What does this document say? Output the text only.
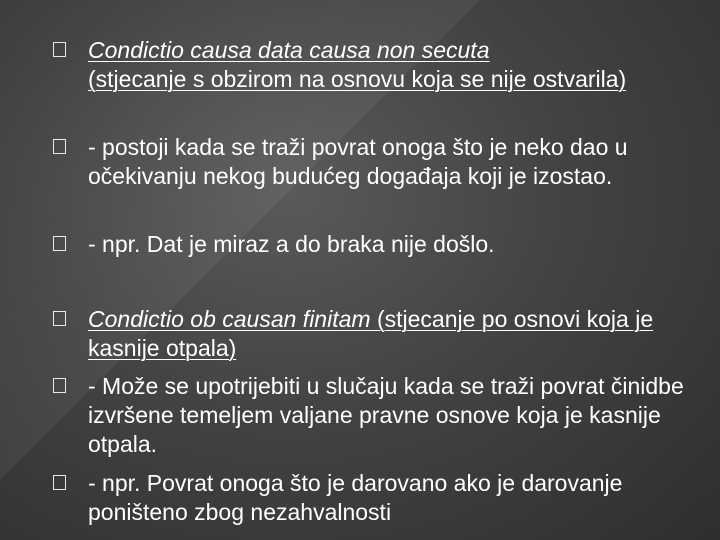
Condictio causa data causa non secuta
(stjecanje s obzirom na osnovu koja se nije ostvarila)
- postoji kada se traži povrat onoga što je neko dao u očekivanju nekog budućeg događaja koji je izostao.
- npr. Dat je miraz a do braka nije došlo.
Condictio ob causan finitam (stjecanje po osnovi koja je kasnije otpala)
- Može se upotrijebiti u slučaju kada se traži povrat činidbe izvršene temeljem valjane pravne osnove koja je kasnije otpala.
- npr. Povrat onoga što je darovano ako je darovanje poništeno zbog nezahvalnosti
